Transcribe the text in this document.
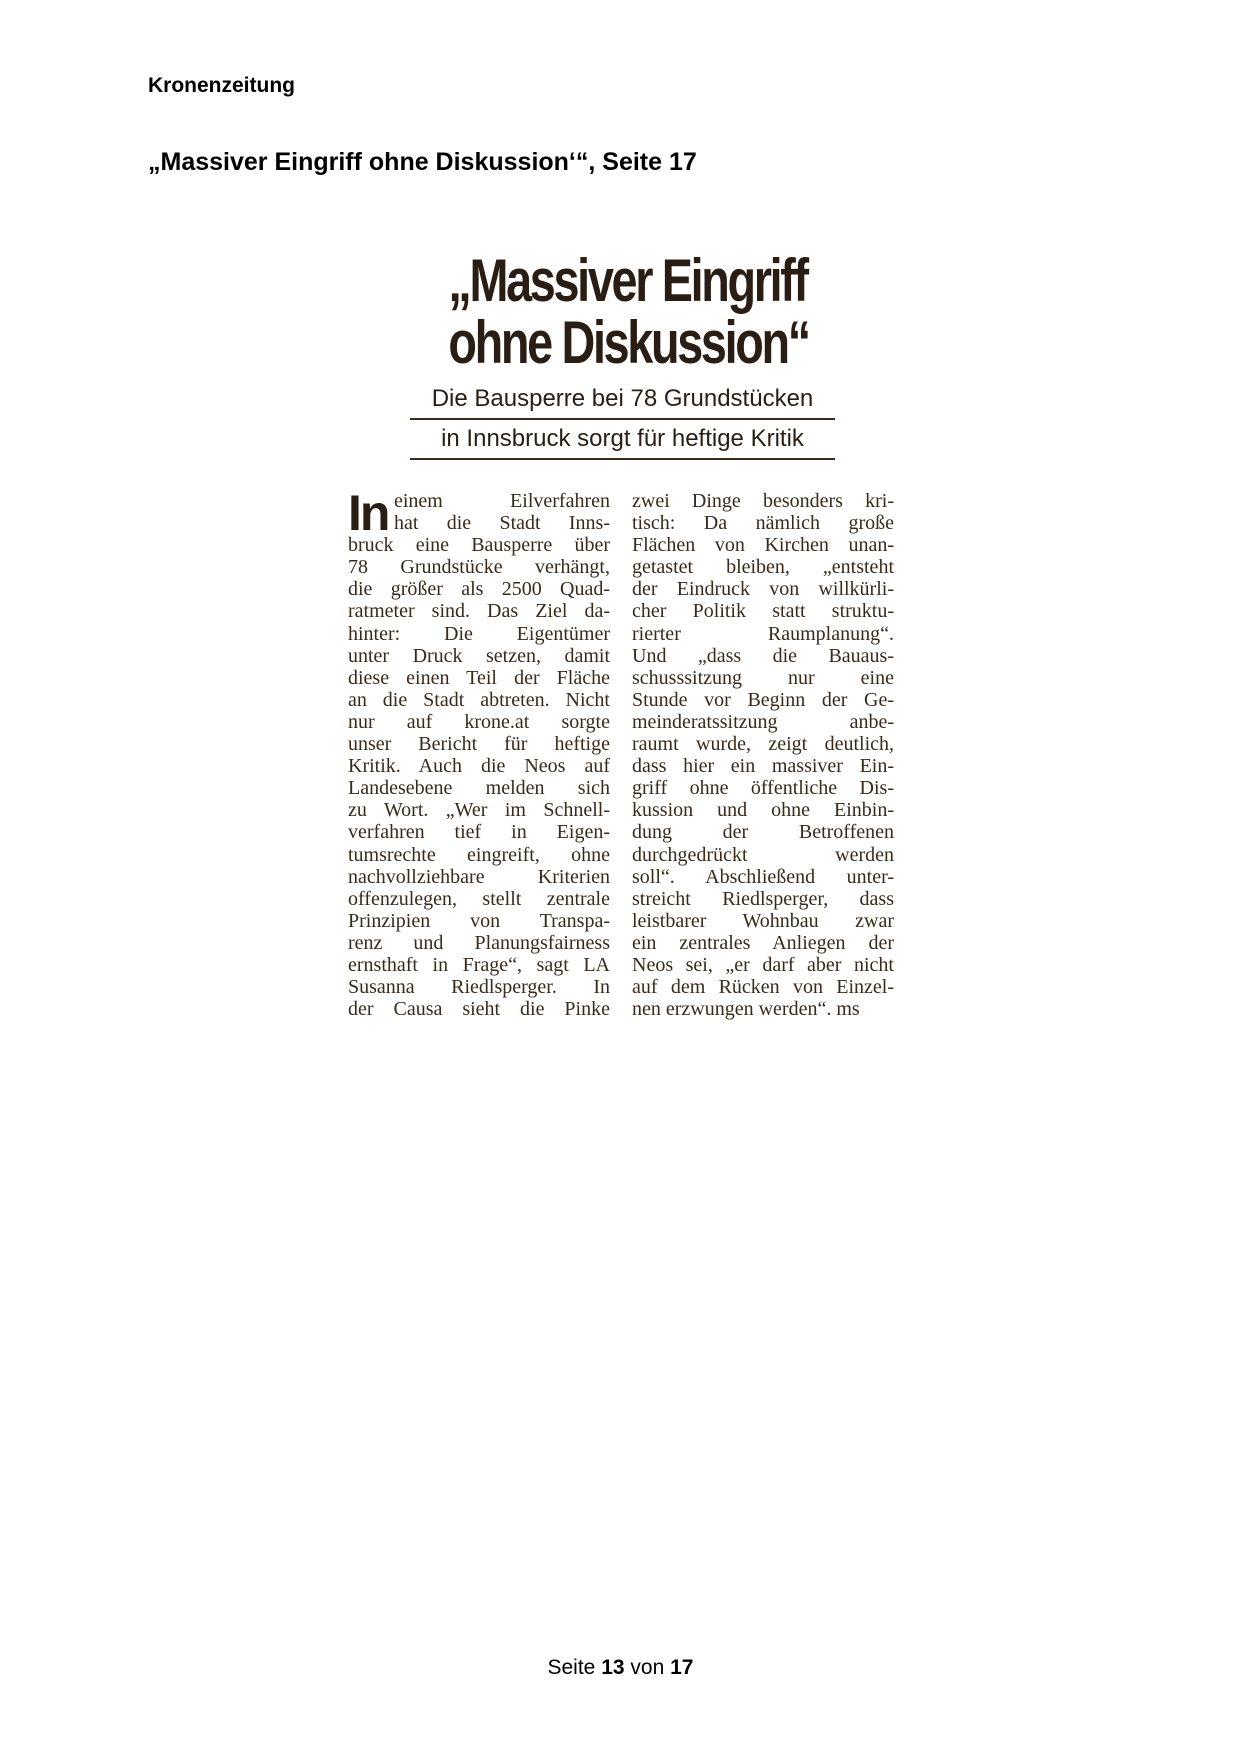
Kronenzeitung
„Massiver Eingriff ohne Diskussion‘“, Seite 17
„Massiver Eingriff
ohne Diskussion“
Die Bausperre bei 78 Grundstücken
in Innsbruck sorgt für heftige Kritik
In einem Eilverfahren
hat die Stadt Inns-
bruck eine Bausperre über
78 Grundstücke verhängt,
die größer als 2500 Quad-
ratmeter sind. Das Ziel da-
hinter: Die Eigentümer
unter Druck setzen, damit
diese einen Teil der Fläche
an die Stadt abtreten. Nicht
nur auf krone.at sorgte
unser Bericht für heftige
Kritik. Auch die Neos auf
Landesebene melden sich
zu Wort. „Wer im Schnell-
verfahren tief in Eigen-
tumsrechte eingreift, ohne
nachvollziehbare Kriterien
offenzulegen, stellt zentrale
Prinzipien von Transpa-
renz und Planungsfairness
ernsthaft in Frage“, sagt LA
Susanna Riedlsperger. In
der Causa sieht die Pinke
zwei Dinge besonders kri-
tisch: Da nämlich große
Flächen von Kirchen unan-
getastet bleiben, „entsteht
der Eindruck von willkürli-
cher Politik statt struktu-
rierter Raumplanung“.
Und „dass die Bauaus-
schusssitzung nur eine
Stunde vor Beginn der Ge-
meinderatssitzung anbe-
raumt wurde, zeigt deutlich,
dass hier ein massiver Ein-
griff ohne öffentliche Dis-
kussion und ohne Einbin-
dung der Betroffenen
durchgedrückt werden
soll“. Abschließend unter-
streicht Riedlsperger, dass
leistbarer Wohnbau zwar
ein zentrales Anliegen der
Neos sei, „er darf aber nicht
auf dem Rücken von Einzel-
nen erzwungen werden“. ms
Seite 13 von 17
